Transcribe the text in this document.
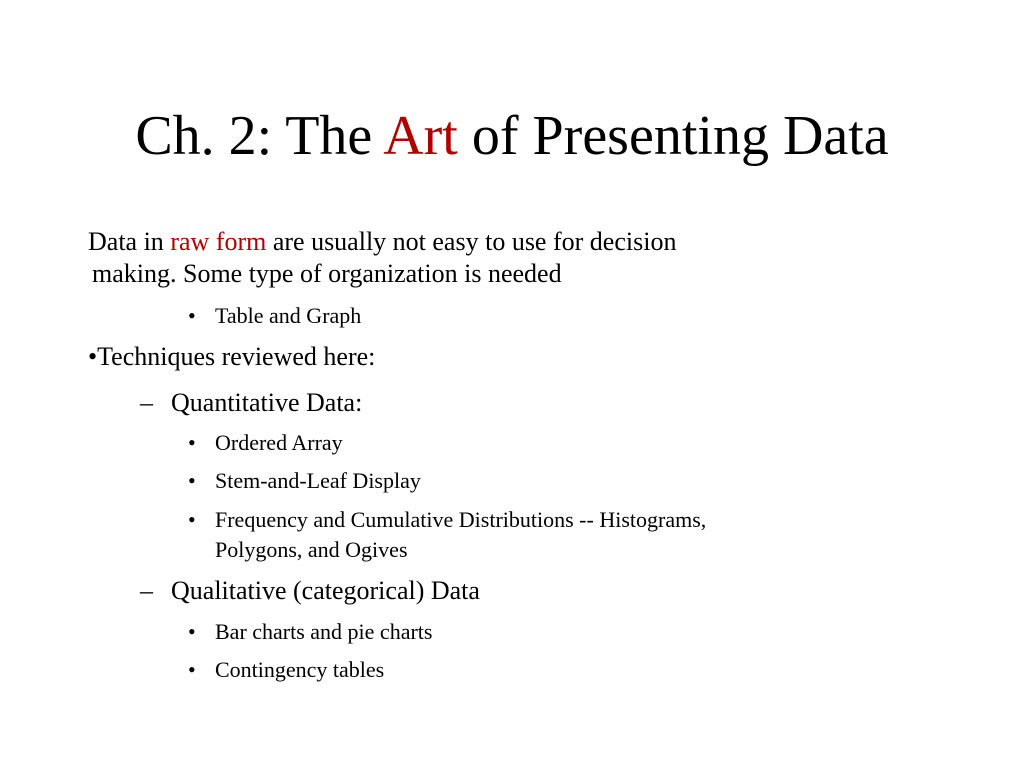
Ch. 2: The Art of Presenting Data
Data in raw form are usually not easy to use for decision
making. Some type of organization is needed
• Table and Graph
•Techniques reviewed here:
– Quantitative Data:
• Ordered Array
• Stem-and-Leaf Display
• Frequency and Cumulative Distributions -- Histograms,
Polygons, and Ogives
– Qualitative (categorical) Data
• Bar charts and pie charts
• Contingency tables
